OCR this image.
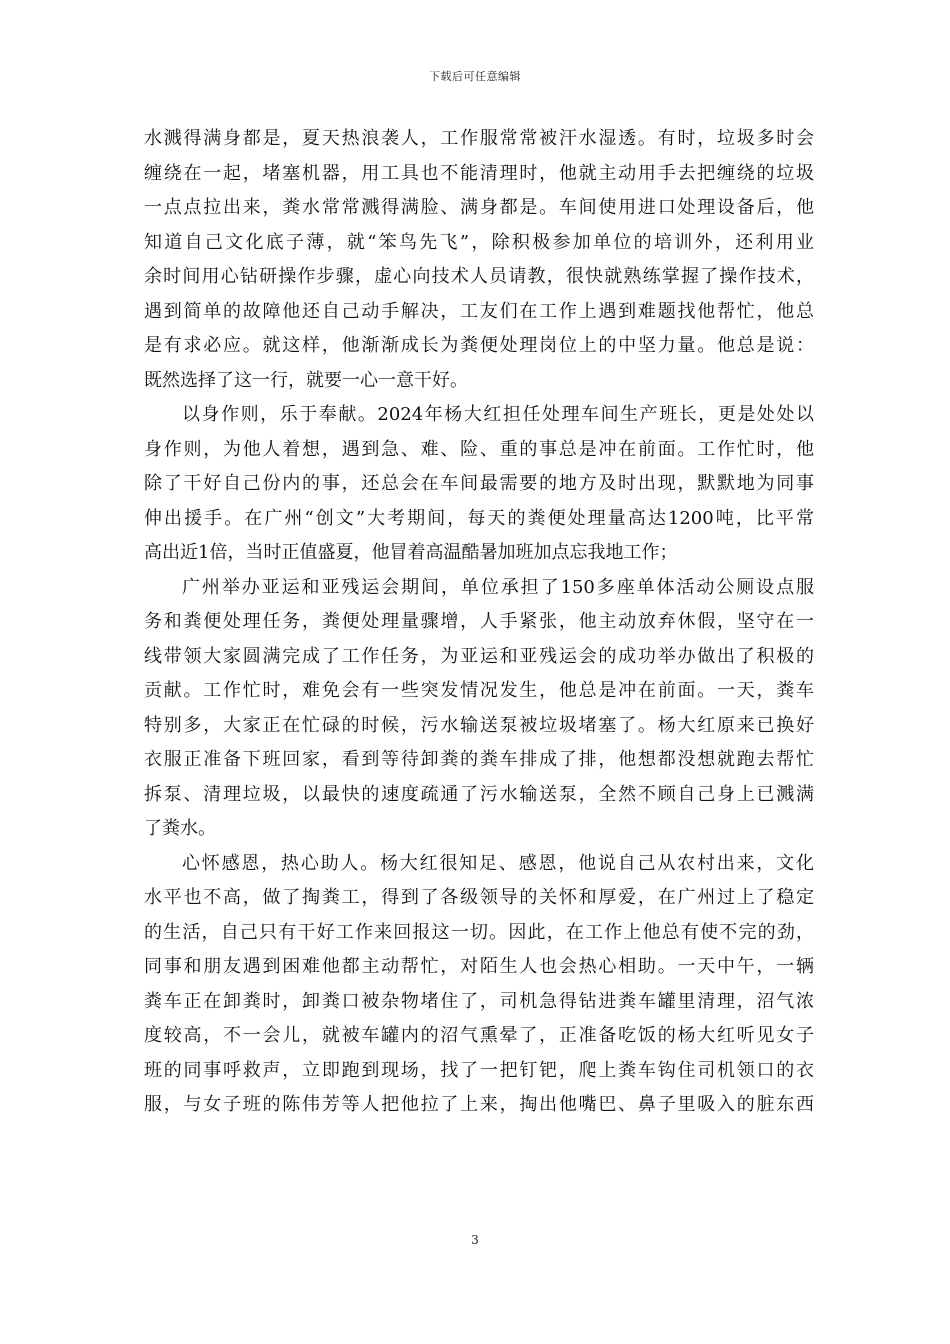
下载后可任意编辑
水溅得满身都是，夏天热浪袭人，工作服常常被汗水湿透。有时，垃圾多时会
缠绕在一起，堵塞机器，用工具也不能清理时，他就主动用手去把缠绕的垃圾
一点点拉出来，粪水常常溅得满脸、满身都是。车间使用进口处理设备后，他
知道自己文化底子薄，就“笨鸟先飞”，除积极参加单位的培训外，还利用业
余时间用心钻研操作步骤，虚心向技术人员请教，很快就熟练掌握了操作技术，
遇到简单的故障他还自己动手解决，工友们在工作上遇到难题找他帮忙，他总
是有求必应。就这样，他渐渐成长为粪便处理岗位上的中坚力量。他总是说：
既然选择了这一行，就要一心一意干好。
以身作则，乐于奉献。2024年杨大红担任处理车间生产班长，更是处处以
身作则，为他人着想，遇到急、难、险、重的事总是冲在前面。工作忙时，他
除了干好自己份内的事，还总会在车间最需要的地方及时出现，默默地为同事
伸出援手。在广州“创文”大考期间，每天的粪便处理量高达1200吨，比平常
高出近1倍，当时正值盛夏，他冒着高温酷暑加班加点忘我地工作；
广州举办亚运和亚残运会期间，单位承担了150多座单体活动公厕设点服
务和粪便处理任务，粪便处理量骤增，人手紧张，他主动放弃休假，坚守在一
线带领大家圆满完成了工作任务，为亚运和亚残运会的成功举办做出了积极的
贡献。工作忙时，难免会有一些突发情况发生，他总是冲在前面。一天，粪车
特别多，大家正在忙碌的时候，污水输送泵被垃圾堵塞了。杨大红原来已换好
衣服正准备下班回家，看到等待卸粪的粪车排成了排，他想都没想就跑去帮忙
拆泵、清理垃圾，以最快的速度疏通了污水输送泵，全然不顾自己身上已溅满
了粪水。
心怀感恩，热心助人。杨大红很知足、感恩，他说自己从农村出来，文化
水平也不高，做了掏粪工，得到了各级领导的关怀和厚爱，在广州过上了稳定
的生活，自己只有干好工作来回报这一切。因此，在工作上他总有使不完的劲，
同事和朋友遇到困难他都主动帮忙，对陌生人也会热心相助。一天中午，一辆
粪车正在卸粪时，卸粪口被杂物堵住了，司机急得钻进粪车罐里清理，沼气浓
度较高，不一会儿，就被车罐内的沼气熏晕了，正准备吃饭的杨大红听见女子
班的同事呼救声，立即跑到现场，找了一把钉钯，爬上粪车钩住司机领口的衣
服，与女子班的陈伟芳等人把他拉了上来，掏出他嘴巴、鼻子里吸入的脏东西
3
